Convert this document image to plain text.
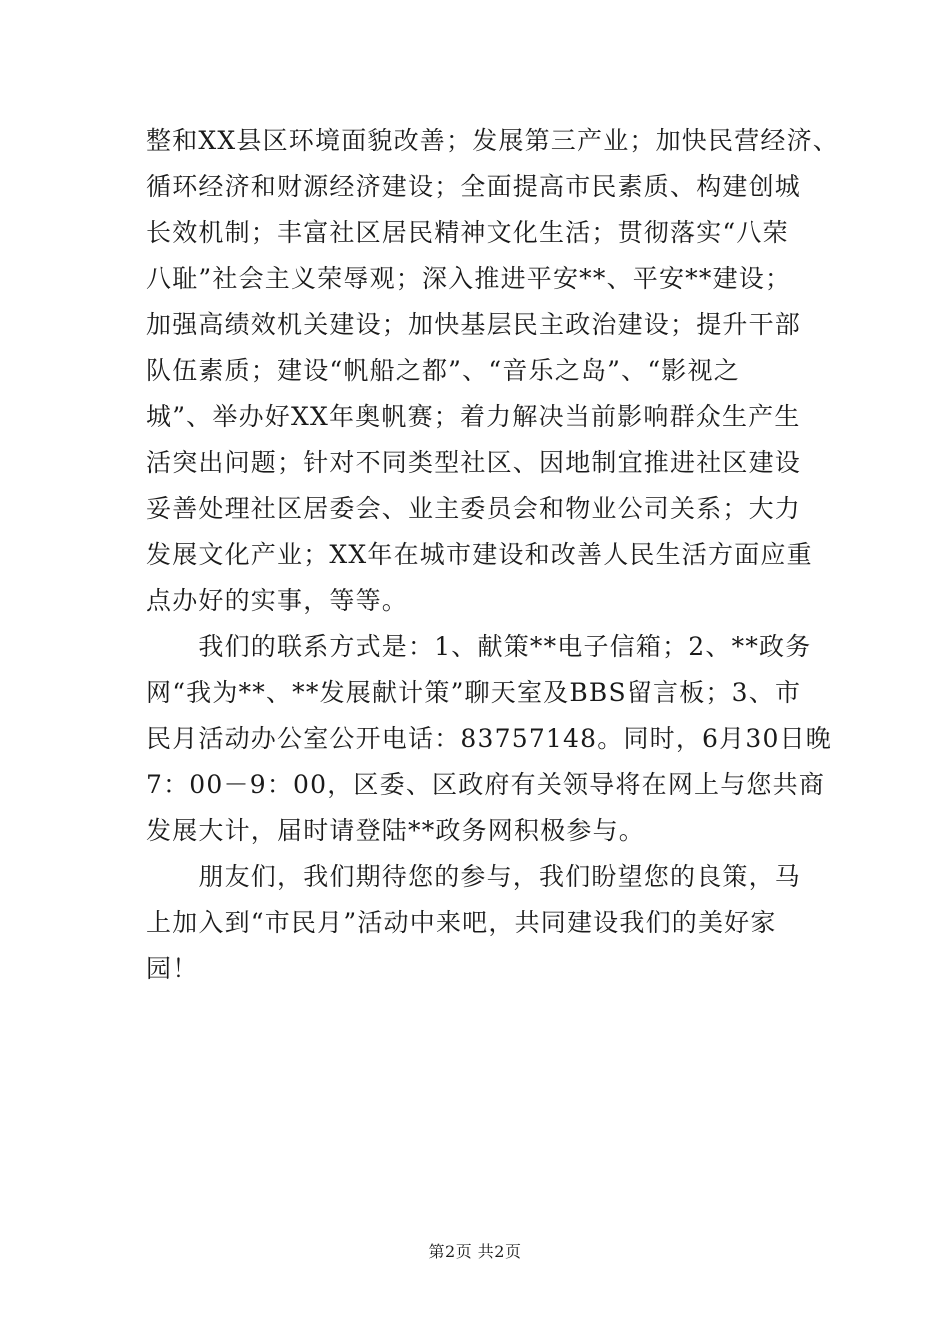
整和XX县区环境面貌改善；发展第三产业；加快民营经济、
循环经济和财源经济建设；全面提高市民素质、构建创城
长效机制；丰富社区居民精神文化生活；贯彻落实“八荣
八耻”社会主义荣辱观；深入推进平安**、平安**建设；
加强高绩效机关建设；加快基层民主政治建设；提升干部
队伍素质；建设“帆船之都”、“音乐之岛”、“影视之
城”、举办好XX年奥帆赛；着力解决当前影响群众生产生
活突出问题；针对不同类型社区、因地制宜推进社区建设
妥善处理社区居委会、业主委员会和物业公司关系；大力
发展文化产业；XX年在城市建设和改善人民生活方面应重
点办好的实事，等等。
　　我们的联系方式是：1、献策**电子信箱；2、**政务
网“我为**、**发展献计策”聊天室及BBS留言板；3、市
民月活动办公室公开电话：83757148。同时，6月30日晚
7：00－9：00，区委、区政府有关领导将在网上与您共商
发展大计，届时请登陆**政务网积极参与。
　　朋友们，我们期待您的参与，我们盼望您的良策，马
上加入到“市民月”活动中来吧，共同建设我们的美好家
园！
第2页 共2页
